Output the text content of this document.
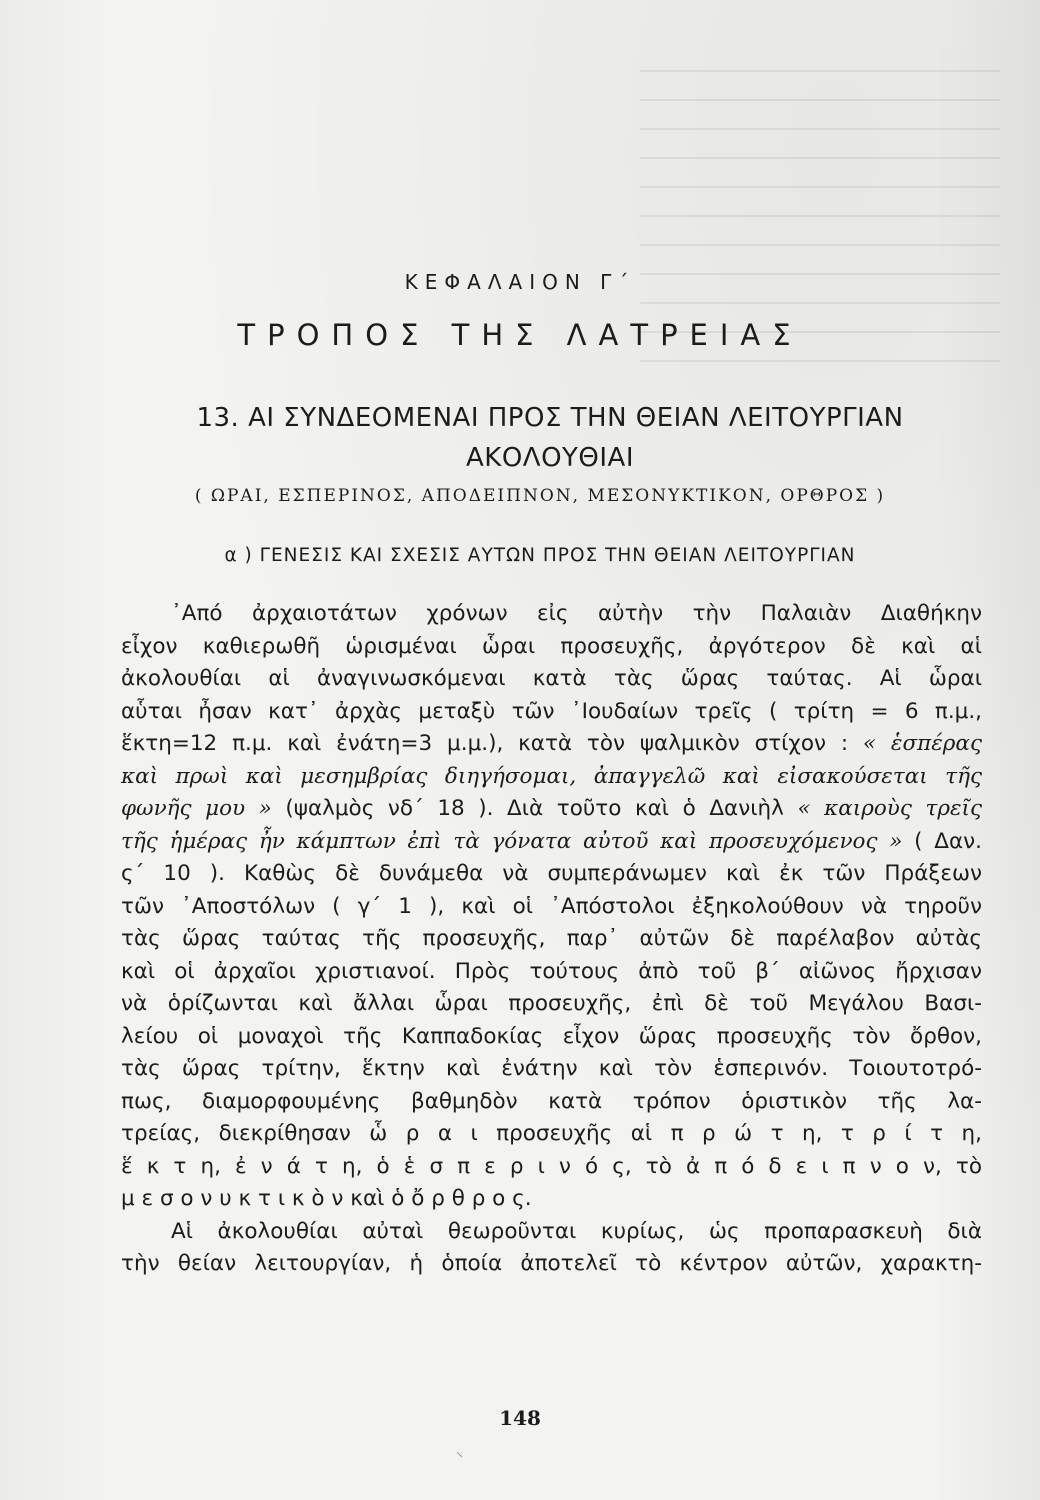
ΚΕΦΑΛΑΙΟΝ Γ΄
ΤΡΟΠΟΣ ΤΗΣ ΛΑΤΡΕΙΑΣ
13. ΑΙ ΣΥΝΔΕΟΜΕΝΑΙ ΠΡΟΣ ΤΗΝ ΘΕΙΑΝ ΛΕΙΤΟΥΡΓΙΑΝ
ΑΚΟΛΟΥΘΙΑΙ
( ΩΡΑΙ, ΕΣΠΕΡΙΝΟΣ, ΑΠΟΔΕΙΠΝΟΝ, ΜΕΣΟΝΥΚΤΙΚΟΝ, ΟΡΘΡΟΣ )
α ) ΓΕΝΕΣΙΣ ΚΑΙ ΣΧΕΣΙΣ ΑΥΤΩΝ ΠΡΟΣ ΤΗΝ ΘΕΙΑΝ ΛΕΙΤΟΥΡΓΙΑΝ
᾽Από ἀρχαιοτάτων χρόνων εἰς αὐτὴν τὴν Παλαιὰν Διαθήκην
εἶχον καθιερωθῆ ὡρισμέναι ὧραι προσευχῆς, ἀργότερον δὲ καὶ αἱ
ἀκολουθίαι αἱ ἀναγινωσκόμεναι κατὰ τὰς ὥρας ταύτας. Αἱ ὧραι
αὗται ἦσαν κατ᾽ ἀρχὰς μεταξὺ τῶν ᾽Ιουδαίων τρεῖς ( τρίτη = 6 π.μ.,
ἕκτη=12 π.μ. καὶ ἐνάτη=3 μ.μ.), κατὰ τὸν ψαλμικὸν στίχον : « ἑσπέρας
καὶ πρωὶ καὶ μεσημβρίας διηγήσομαι, ἀπαγγελῶ καὶ εἰσακούσεται τῆς
φωνῆς μου » (ψαλμὸς νδ΄ 18 ). Διὰ τοῦτο καὶ ὁ Δανιὴλ « καιροὺς τρεῖς
τῆς ἡμέρας ἦν κάμπτων ἐπὶ τὰ γόνατα αὐτοῦ καὶ προσευχόμενος » ( Δαν.
ς΄ 10 ). Καθὼς δὲ δυνάμεθα νὰ συμπεράνωμεν καὶ ἐκ τῶν Πράξεων
τῶν ᾽Αποστόλων ( γ΄ 1 ), καὶ οἱ ᾽Απόστολοι ἐξηκολούθουν νὰ τηροῦν
τὰς ὥρας ταύτας τῆς προσευχῆς, παρ᾽ αὐτῶν δὲ παρέλαβον αὐτὰς
καὶ οἱ ἀρχαῖοι χριστιανοί. Πρὸς τούτους ἀπὸ τοῦ β΄ αἰῶνος ἤρχισαν
νὰ ὁρίζωνται καὶ ἄλλαι ὧραι προσευχῆς, ἐπὶ δὲ τοῦ Μεγάλου Βασι-
λείου οἱ μοναχοὶ τῆς Καππαδοκίας εἶχον ὥρας προσευχῆς τὸν ὄρθον,
τὰς ὥρας τρίτην, ἕκτην καὶ ἐνάτην καὶ τὸν ἑσπερινόν. Τοιουτοτρό-
πως, διαμορφουμένης βαθμηδὸν κατὰ τρόπον ὁριστικὸν τῆς λα-
τρείας, διεκρίθησαν ὧ ρ α ι προσευχῆς αἱ π ρ ώ τ η, τ ρ ί τ η,
ἕ κ τ η, ἐ ν ά τ η, ὁ ἑ σ π ε ρ ι ν ό ς, τὸ ἀ π ό δ ε ι π ν ο ν, τὸ
μ ε σ ο ν υ κ τ ι κ ὸ ν καὶ ὁ ὄ ρ θ ρ ο ς.
Αἱ ἀκολουθίαι αὐταὶ θεωροῦνται κυρίως, ὡς προπαρασκευὴ διὰ
τὴν θείαν λειτουργίαν, ἡ ὁποία ἀποτελεῖ τὸ κέντρον αὐτῶν, χαρακτη-
148
⸌
